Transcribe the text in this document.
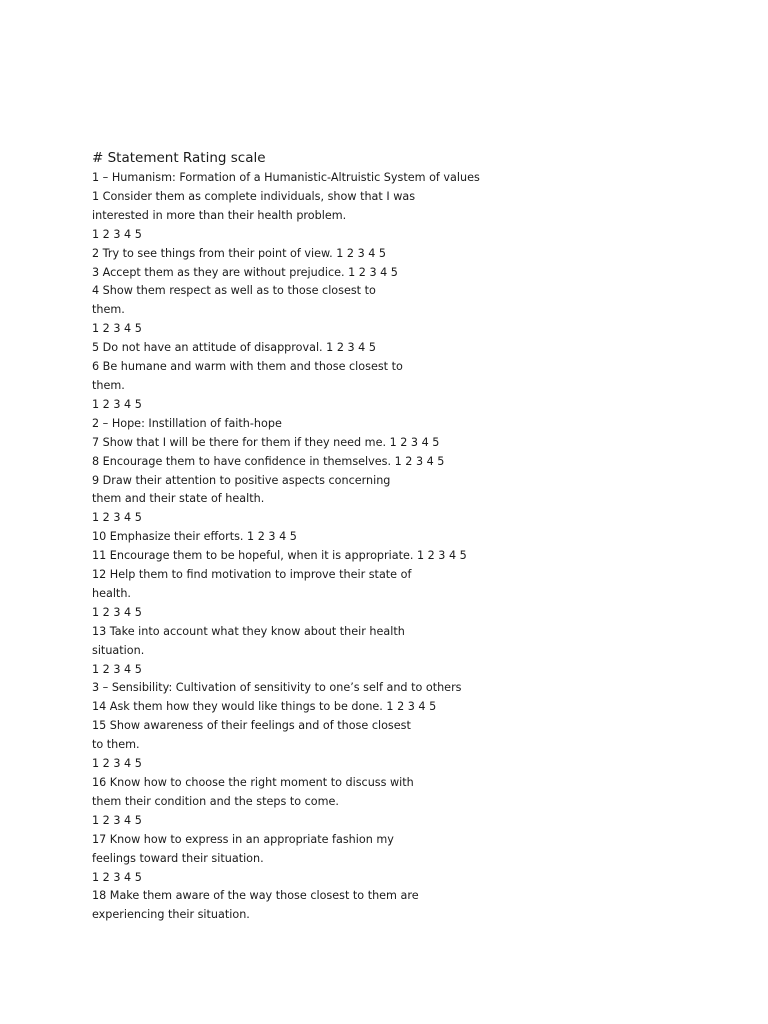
# Statement Rating scale
1 – Humanism: Formation of a Humanistic-Altruistic System of values
1 Consider them as complete individuals, show that I was
interested in more than their health problem.
1 2 3 4 5
2 Try to see things from their point of view. 1 2 3 4 5
3 Accept them as they are without prejudice. 1 2 3 4 5
4 Show them respect as well as to those closest to
them.
1 2 3 4 5
5 Do not have an attitude of disapproval. 1 2 3 4 5
6 Be humane and warm with them and those closest to
them.
1 2 3 4 5
2 – Hope: Instillation of faith-hope
7 Show that I will be there for them if they need me. 1 2 3 4 5
8 Encourage them to have confidence in themselves. 1 2 3 4 5
9 Draw their attention to positive aspects concerning
them and their state of health.
1 2 3 4 5
10 Emphasize their efforts. 1 2 3 4 5
11 Encourage them to be hopeful, when it is appropriate. 1 2 3 4 5
12 Help them to find motivation to improve their state of
health.
1 2 3 4 5
13 Take into account what they know about their health
situation.
1 2 3 4 5
3 – Sensibility: Cultivation of sensitivity to one’s self and to others
14 Ask them how they would like things to be done. 1 2 3 4 5
15 Show awareness of their feelings and of those closest
to them.
1 2 3 4 5
16 Know how to choose the right moment to discuss with
them their condition and the steps to come.
1 2 3 4 5
17 Know how to express in an appropriate fashion my
feelings toward their situation.
1 2 3 4 5
18 Make them aware of the way those closest to them are
experiencing their situation.
